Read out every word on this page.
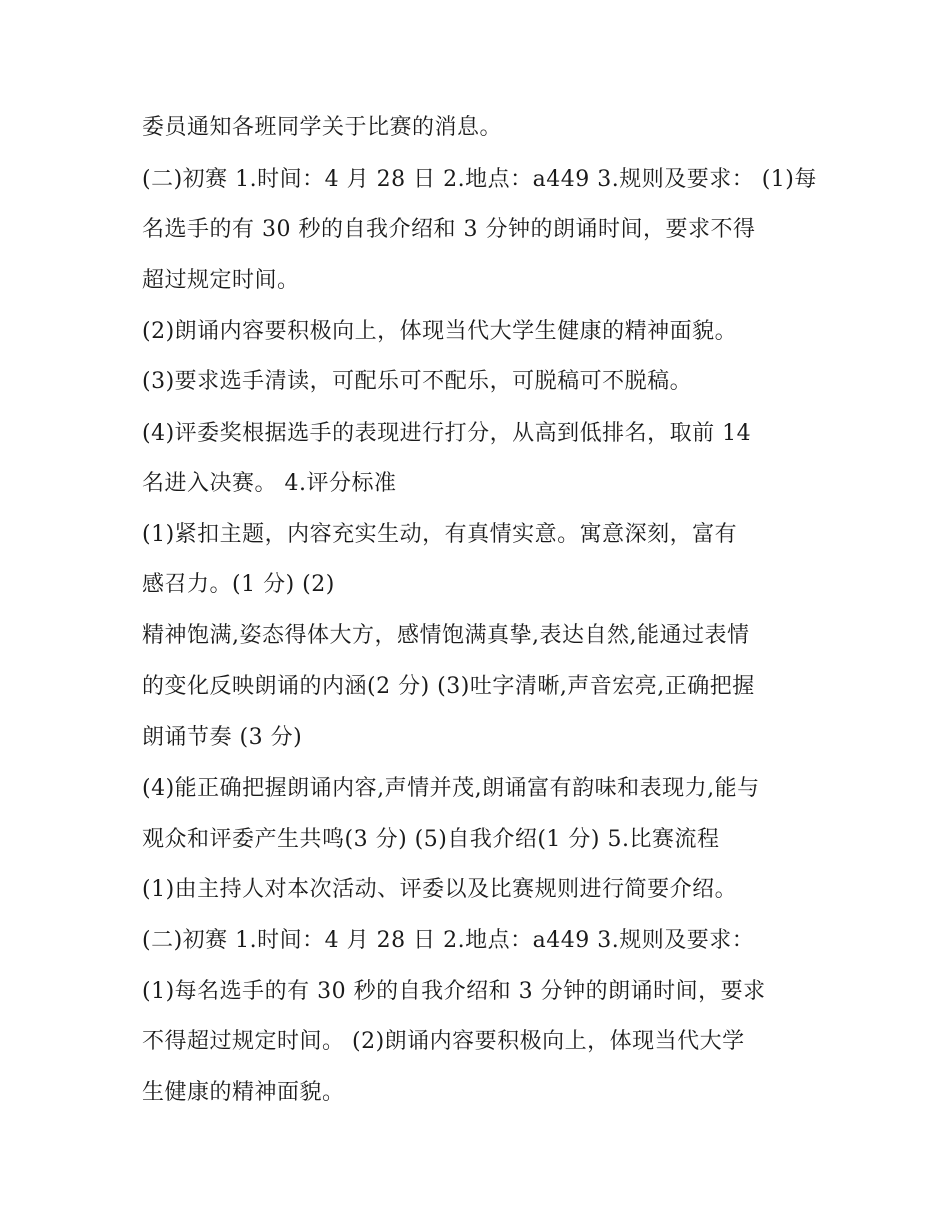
委员通知各班同学关于比赛的消息。
(二)初赛 1.时间：4 月 28 日 2.地点：a449 3.规则及要求： (1)每
名选手的有 30 秒的自我介绍和 3 分钟的朗诵时间，要求不得
超过规定时间。
(2)朗诵内容要积极向上，体现当代大学生健康的精神面貌。
(3)要求选手清读，可配乐可不配乐，可脱稿可不脱稿。
(4)评委奖根据选手的表现进行打分，从高到低排名，取前 14
名进入决赛。 4.评分标准
(1)紧扣主题，内容充实生动，有真情实意。寓意深刻，富有
感召力。(1 分) (2)
精神饱满,姿态得体大方，感情饱满真挚,表达自然,能通过表情
的变化反映朗诵的内涵(2 分) (3)吐字清晰,声音宏亮,正确把握
朗诵节奏 (3 分)
(4)能正确把握朗诵内容,声情并茂,朗诵富有韵味和表现力,能与
观众和评委产生共鸣(3 分) (5)自我介绍(1 分) 5.比赛流程
(1)由主持人对本次活动、评委以及比赛规则进行简要介绍。
(二)初赛 1.时间：4 月 28 日 2.地点：a449 3.规则及要求：
(1)每名选手的有 30 秒的自我介绍和 3 分钟的朗诵时间，要求
不得超过规定时间。 (2)朗诵内容要积极向上，体现当代大学
生健康的精神面貌。
